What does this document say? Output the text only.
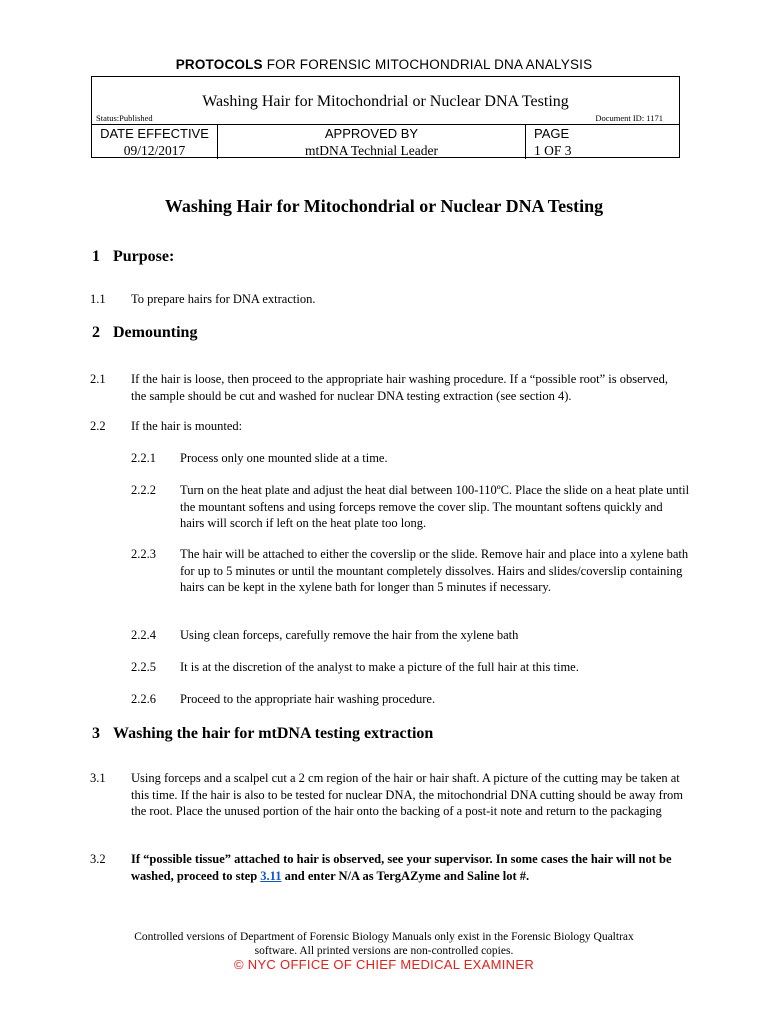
PROTOCOLS FOR FORENSIC MITOCHONDRIAL DNA ANALYSIS
Washing Hair for Mitochondrial or Nuclear DNA Testing
Status:Published	Document ID: 1171
DATE EFFECTIVE
09/12/2017
APPROVED BY
mtDNA Technial Leader
PAGE
1 OF 3
Washing Hair for Mitochondrial or Nuclear DNA Testing
1 Purpose:
1.1 To prepare hairs for DNA extraction.
2 Demounting
2.1 If the hair is loose, then proceed to the appropriate hair washing procedure. If a “possible root” is observed, the sample should be cut and washed for nuclear DNA testing extraction (see section 4).
2.2 If the hair is mounted:
2.2.1 Process only one mounted slide at a time.
2.2.2 Turn on the heat plate and adjust the heat dial between 100-110ºC. Place the slide on a heat plate until the mountant softens and using forceps remove the cover slip. The mountant softens quickly and hairs will scorch if left on the heat plate too long.
2.2.3 The hair will be attached to either the coverslip or the slide. Remove hair and place into a xylene bath for up to 5 minutes or until the mountant completely dissolves. Hairs and slides/coverslip containing hairs can be kept in the xylene bath for longer than 5 minutes if necessary.
2.2.4 Using clean forceps, carefully remove the hair from the xylene bath
2.2.5 It is at the discretion of the analyst to make a picture of the full hair at this time.
2.2.6 Proceed to the appropriate hair washing procedure.
3 Washing the hair for mtDNA testing extraction
3.1 Using forceps and a scalpel cut a 2 cm region of the hair or hair shaft. A picture of the cutting may be taken at this time. If the hair is also to be tested for nuclear DNA, the mitochondrial DNA cutting should be away from the root. Place the unused portion of the hair onto the backing of a post-it note and return to the packaging
3.2 If “possible tissue” attached to hair is observed, see your supervisor. In some cases the hair will not be washed, proceed to step 3.11 and enter N/A as TergAZyme and Saline lot #.
Controlled versions of Department of Forensic Biology Manuals only exist in the Forensic Biology Qualtrax
software. All printed versions are non-controlled copies.
© NYC OFFICE OF CHIEF MEDICAL EXAMINER
